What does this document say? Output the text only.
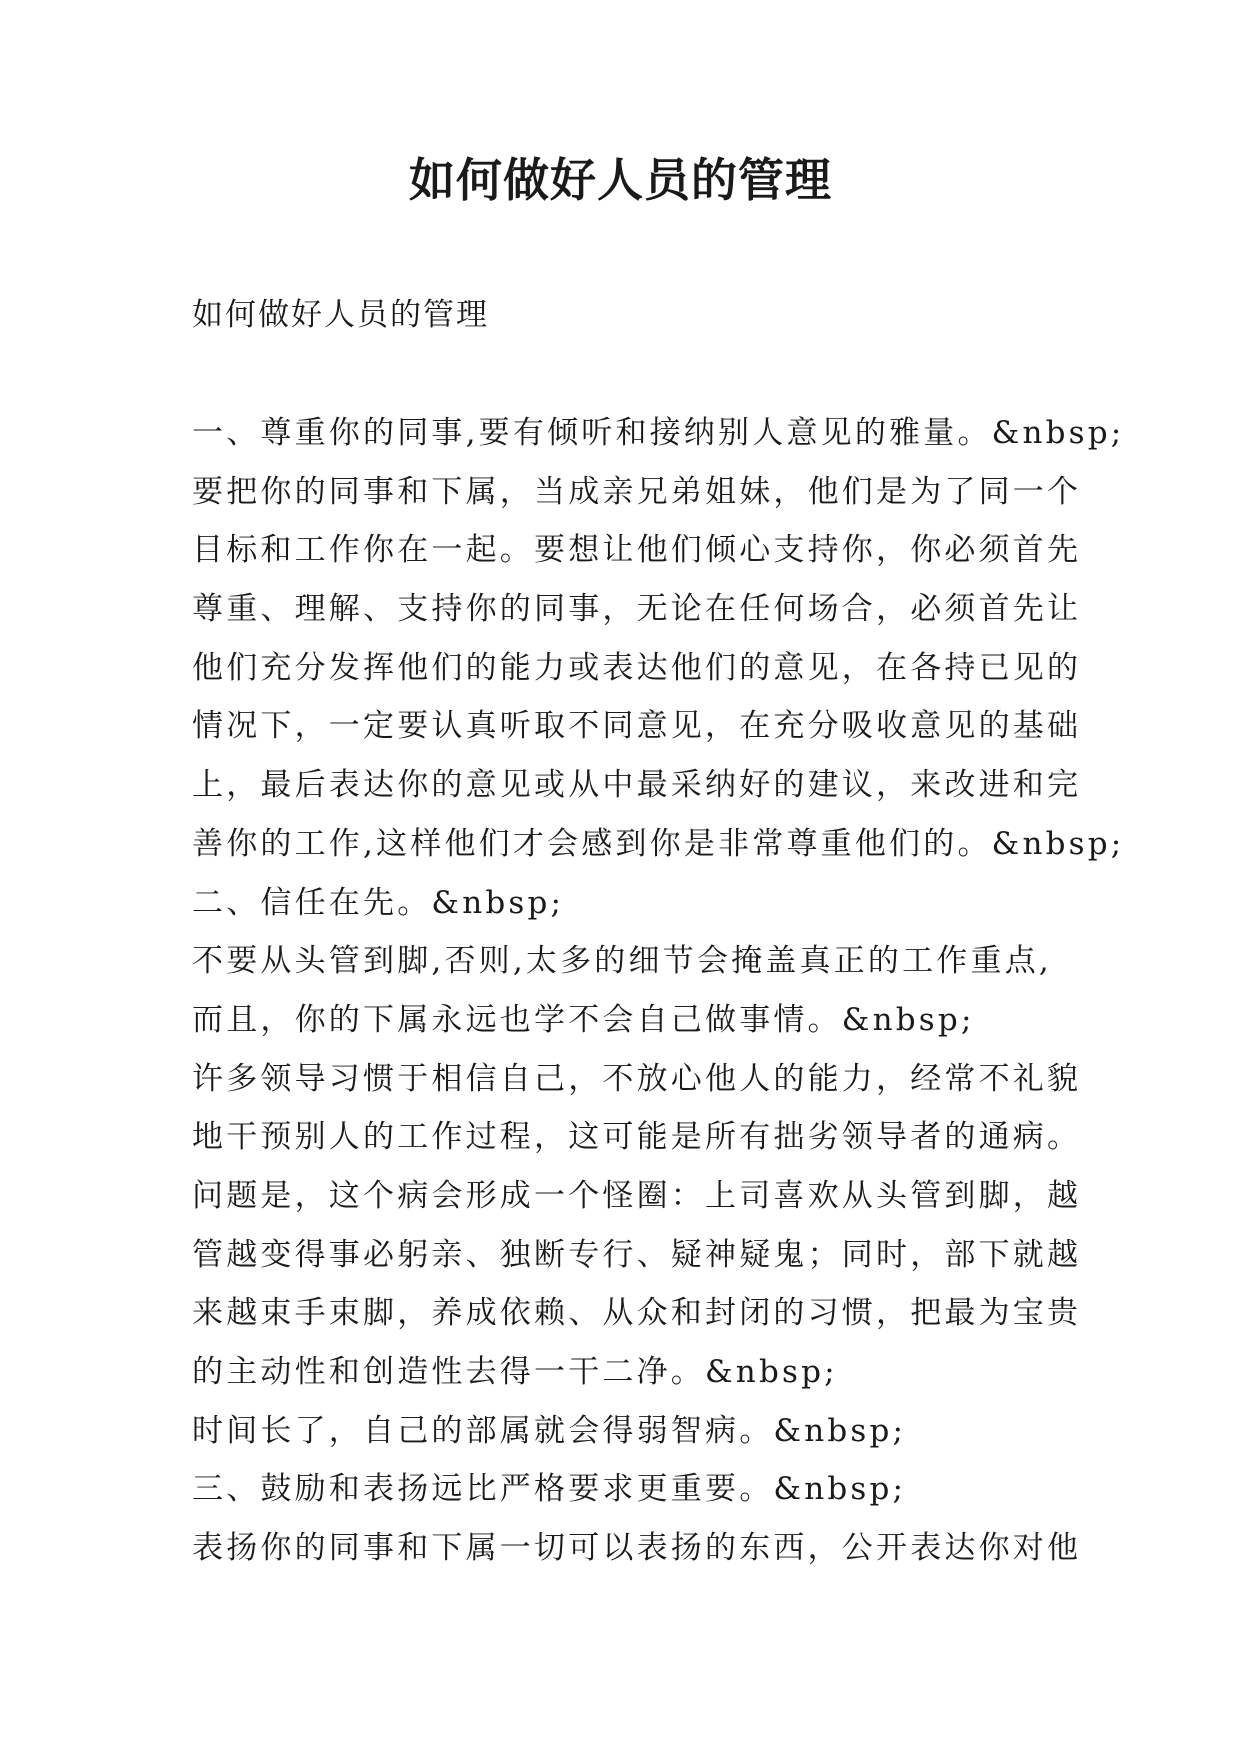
如何做好人员的管理

如何做好人员的管理

一、尊重你的同事,要有倾听和接纳别人意见的雅量。&nbsp;
要把你的同事和下属，当成亲兄弟姐妹，他们是为了同一个
目标和工作你在一起。要想让他们倾心支持你，你必须首先
尊重、理解、支持你的同事，无论在任何场合，必须首先让
他们充分发挥他们的能力或表达他们的意见，在各持已见的
情况下，一定要认真听取不同意见，在充分吸收意见的基础
上，最后表达你的意见或从中最采纳好的建议，来改进和完
善你的工作,这样他们才会感到你是非常尊重他们的。&nbsp;
二、信任在先。&nbsp;
不要从头管到脚,否则,太多的细节会掩盖真正的工作重点,
而且，你的下属永远也学不会自己做事情。&nbsp;
许多领导习惯于相信自己，不放心他人的能力，经常不礼貌
地干预别人的工作过程，这可能是所有拙劣领导者的通病。
问题是，这个病会形成一个怪圈：上司喜欢从头管到脚，越
管越变得事必躬亲、独断专行、疑神疑鬼；同时，部下就越
来越束手束脚，养成依赖、从众和封闭的习惯，把最为宝贵
的主动性和创造性去得一干二净。&nbsp;
时间长了，自己的部属就会得弱智病。&nbsp;
三、鼓励和表扬远比严格要求更重要。&nbsp;
表扬你的同事和下属一切可以表扬的东西，公开表达你对他
